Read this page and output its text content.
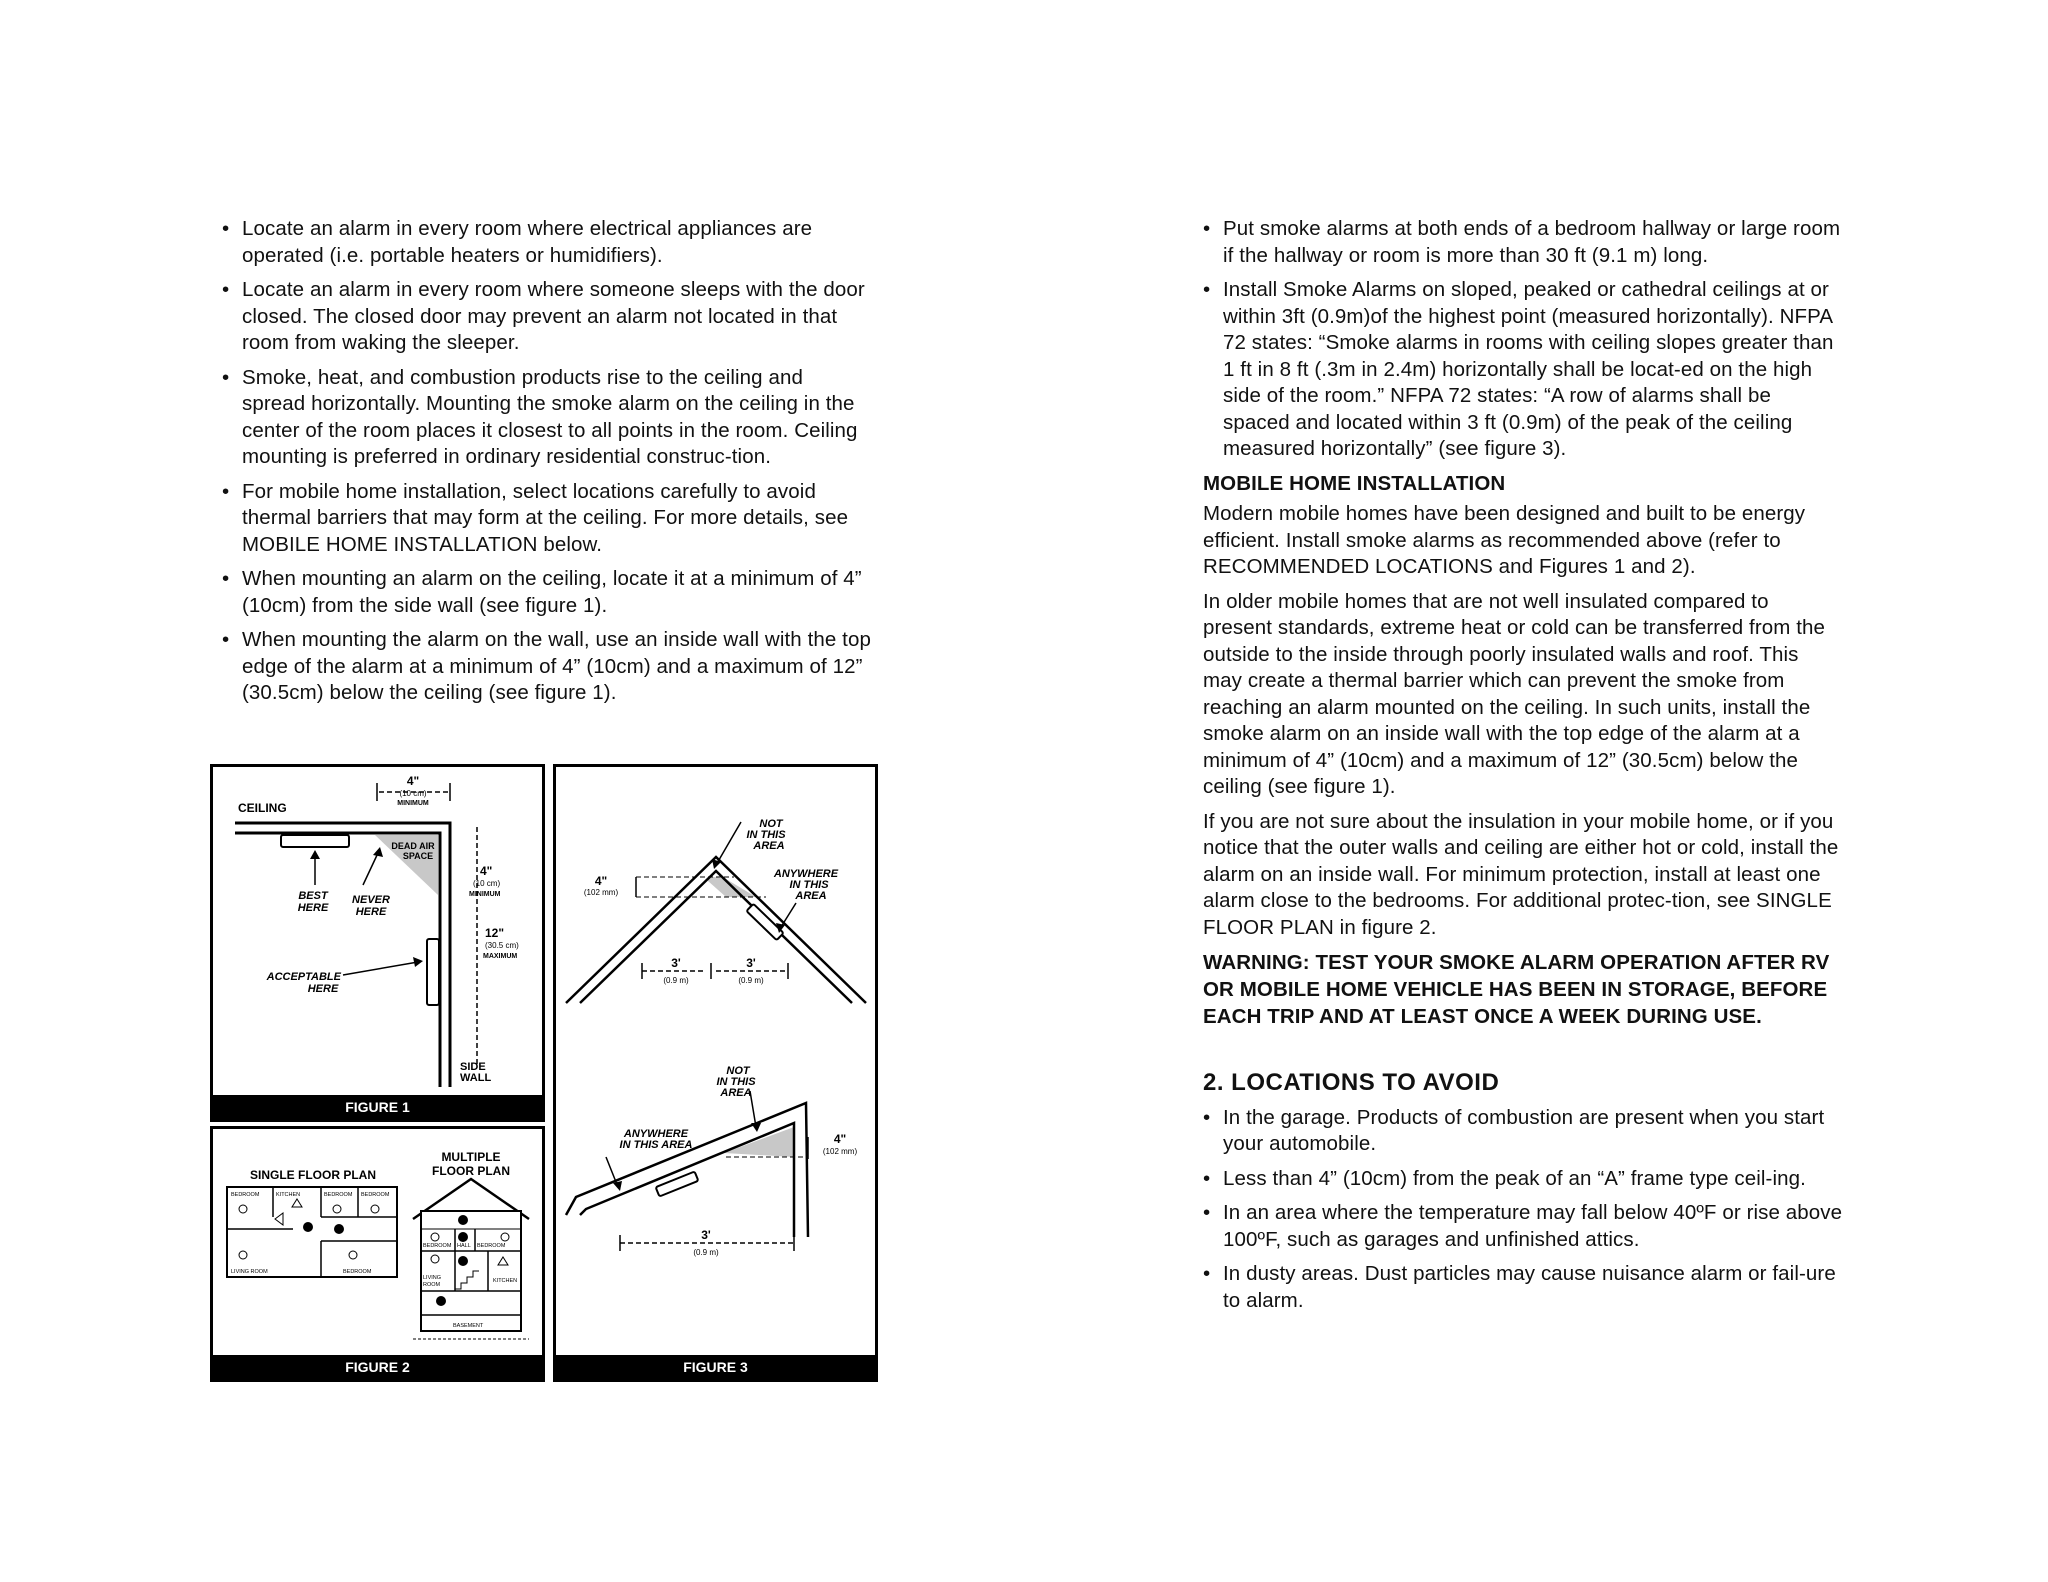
• Locate an alarm in every room where electrical appliances are operated (i.e. portable heaters or humidifiers).
• Locate an alarm in every room where someone sleeps with the door closed. The closed door may prevent an alarm not located in that room from waking the sleeper.
• Smoke, heat, and combustion products rise to the ceiling and spread horizontally. Mounting the smoke alarm on the ceiling in the center of the room places it closest to all points in the room. Ceiling mounting is preferred in ordinary residential construc-tion.
• For mobile home installation, select locations carefully to avoid thermal barriers that may form at the ceiling. For more details, see MOBILE HOME INSTALLATION below.
• When mounting an alarm on the ceiling, locate it at a minimum of 4” (10cm) from the side wall (see figure 1).
• When mounting the alarm on the wall, use an inside wall with the top edge of the alarm at a minimum of 4” (10cm) and a maximum of 12” (30.5cm) below the ceiling (see figure 1).
4"
(10 cm)
MINIMUM
CEILING
DEAD AIR
SPACE
4"
(10 cm)
MINIMUM
12"
(30.5 cm)
MAXIMUM
BEST
HERE
NEVER
HERE
ACCEPTABLE
HERE
SIDE
WALL
FIGURE 1
SINGLE FLOOR PLAN
BEDROOM	KITCHEN	BEDROOM BEDROOM
LIVING ROOM	BEDROOM
MULTIPLE
FLOOR PLAN
BEDROOM HALL BEDROOM
LIVING
ROOM
KITCHEN
BASEMENT
FIGURE 2
NOT
IN THIS
AREA
ANYWHERE
IN THIS
AREA
4"
(102 mm)
3'
(0.9 m)
3'
(0.9 m)
NOT
IN THIS
AREA
ANYWHERE
IN THIS AREA	4"
(102 mm)
3'
(0.9 m)
FIGURE 3
• Put smoke alarms at both ends of a bedroom hallway or large room if the hallway or room is more than 30 ft (9.1 m) long.
• Install Smoke Alarms on sloped, peaked or cathedral ceilings at or within 3ft (0.9m)of the highest point (measured horizontally). NFPA 72 states: “Smoke alarms in rooms with ceiling slopes greater than 1 ft in 8 ft (.3m in 2.4m) horizontally shall be locat-ed on the high side of the room.” NFPA 72 states: “A row of alarms shall be spaced and located within 3 ft (0.9m) of the peak of the ceiling measured horizontally” (see figure 3).
MOBILE HOME INSTALLATION

Modern mobile homes have been designed and built to be energy efficient. Install smoke alarms as recommended above (refer to RECOMMENDED LOCATIONS and Figures 1 and 2).

In older mobile homes that are not well insulated compared to present standards, extreme heat or cold can be transferred from the outside to the inside through poorly insulated walls and roof. This may create a thermal barrier which can prevent the smoke from reaching an alarm mounted on the ceiling. In such units, install the smoke alarm on an inside wall with the top edge of the alarm at a minimum of 4” (10cm) and a maximum of 12” (30.5cm) below the ceiling (see figure 1).

If you are not sure about the insulation in your mobile home, or if you notice that the outer walls and ceiling are either hot or cold, install the alarm on an inside wall. For minimum protection, install at least one alarm close to the bedrooms. For additional protec-tion, see SINGLE FLOOR PLAN in figure 2.

WARNING: TEST YOUR SMOKE ALARM OPERATION AFTER RV OR MOBILE HOME VEHICLE HAS BEEN IN STORAGE, BEFORE EACH TRIP AND AT LEAST ONCE A WEEK DURING USE.

2. LOCATIONS TO AVOID
• In the garage. Products of combustion are present when you start your automobile.
• Less than 4” (10cm) from the peak of an “A” frame type ceil-ing.
• In an area where the temperature may fall below 40ºF or rise above 100ºF, such as garages and unfinished attics.
• In dusty areas. Dust particles may cause nuisance alarm or fail-ure to alarm.
